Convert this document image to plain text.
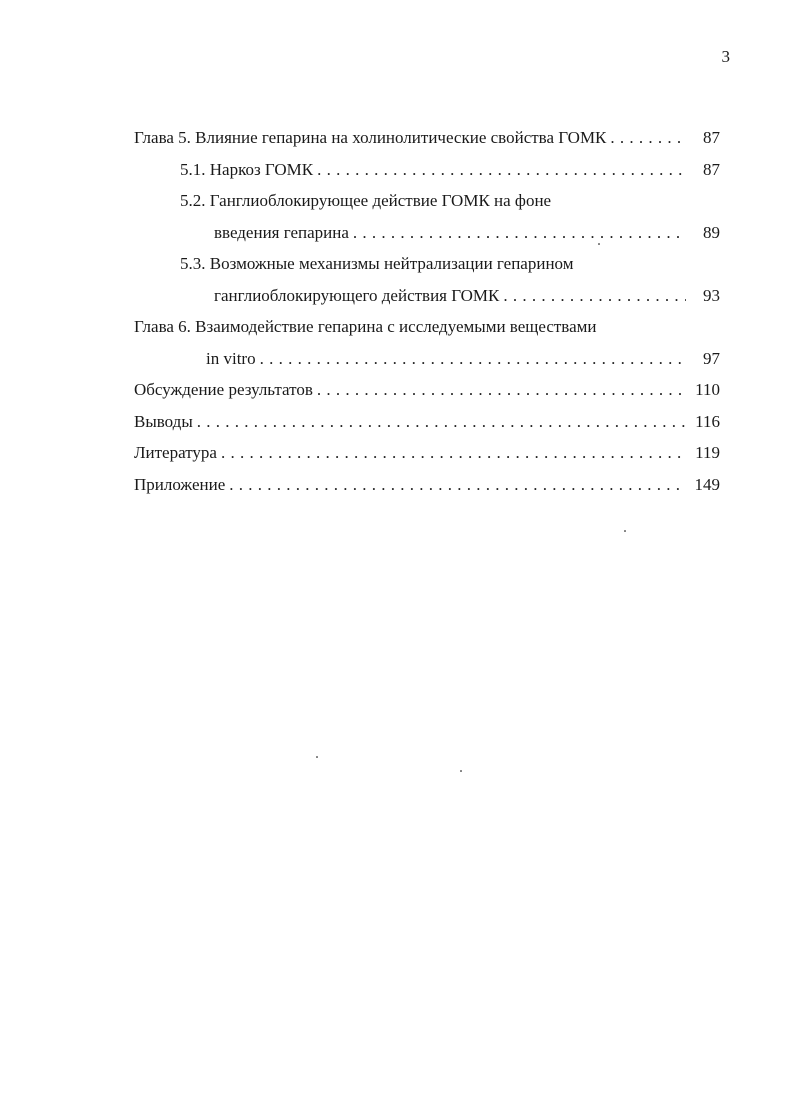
3
Глава 5. Влияние гепарина на холинолитические свойства ГОМК . . .	87
5.1. Наркоз ГОМК . . .	87
5.2. Ганглиоблокирующее действие ГОМК на фоне
введения гепарина . . .	89
5.3. Возможные механизмы нейтрализации гепарином
ганглиоблокирующего действия ГОМК . . .	93
Глава 6. Взаимодействие гепарина с исследуемыми веществами
in vitro . . .	97
Обсуждение результатов . . .	110
Выводы . . .	116
Литература . . .	119
Приложение . . .	149
